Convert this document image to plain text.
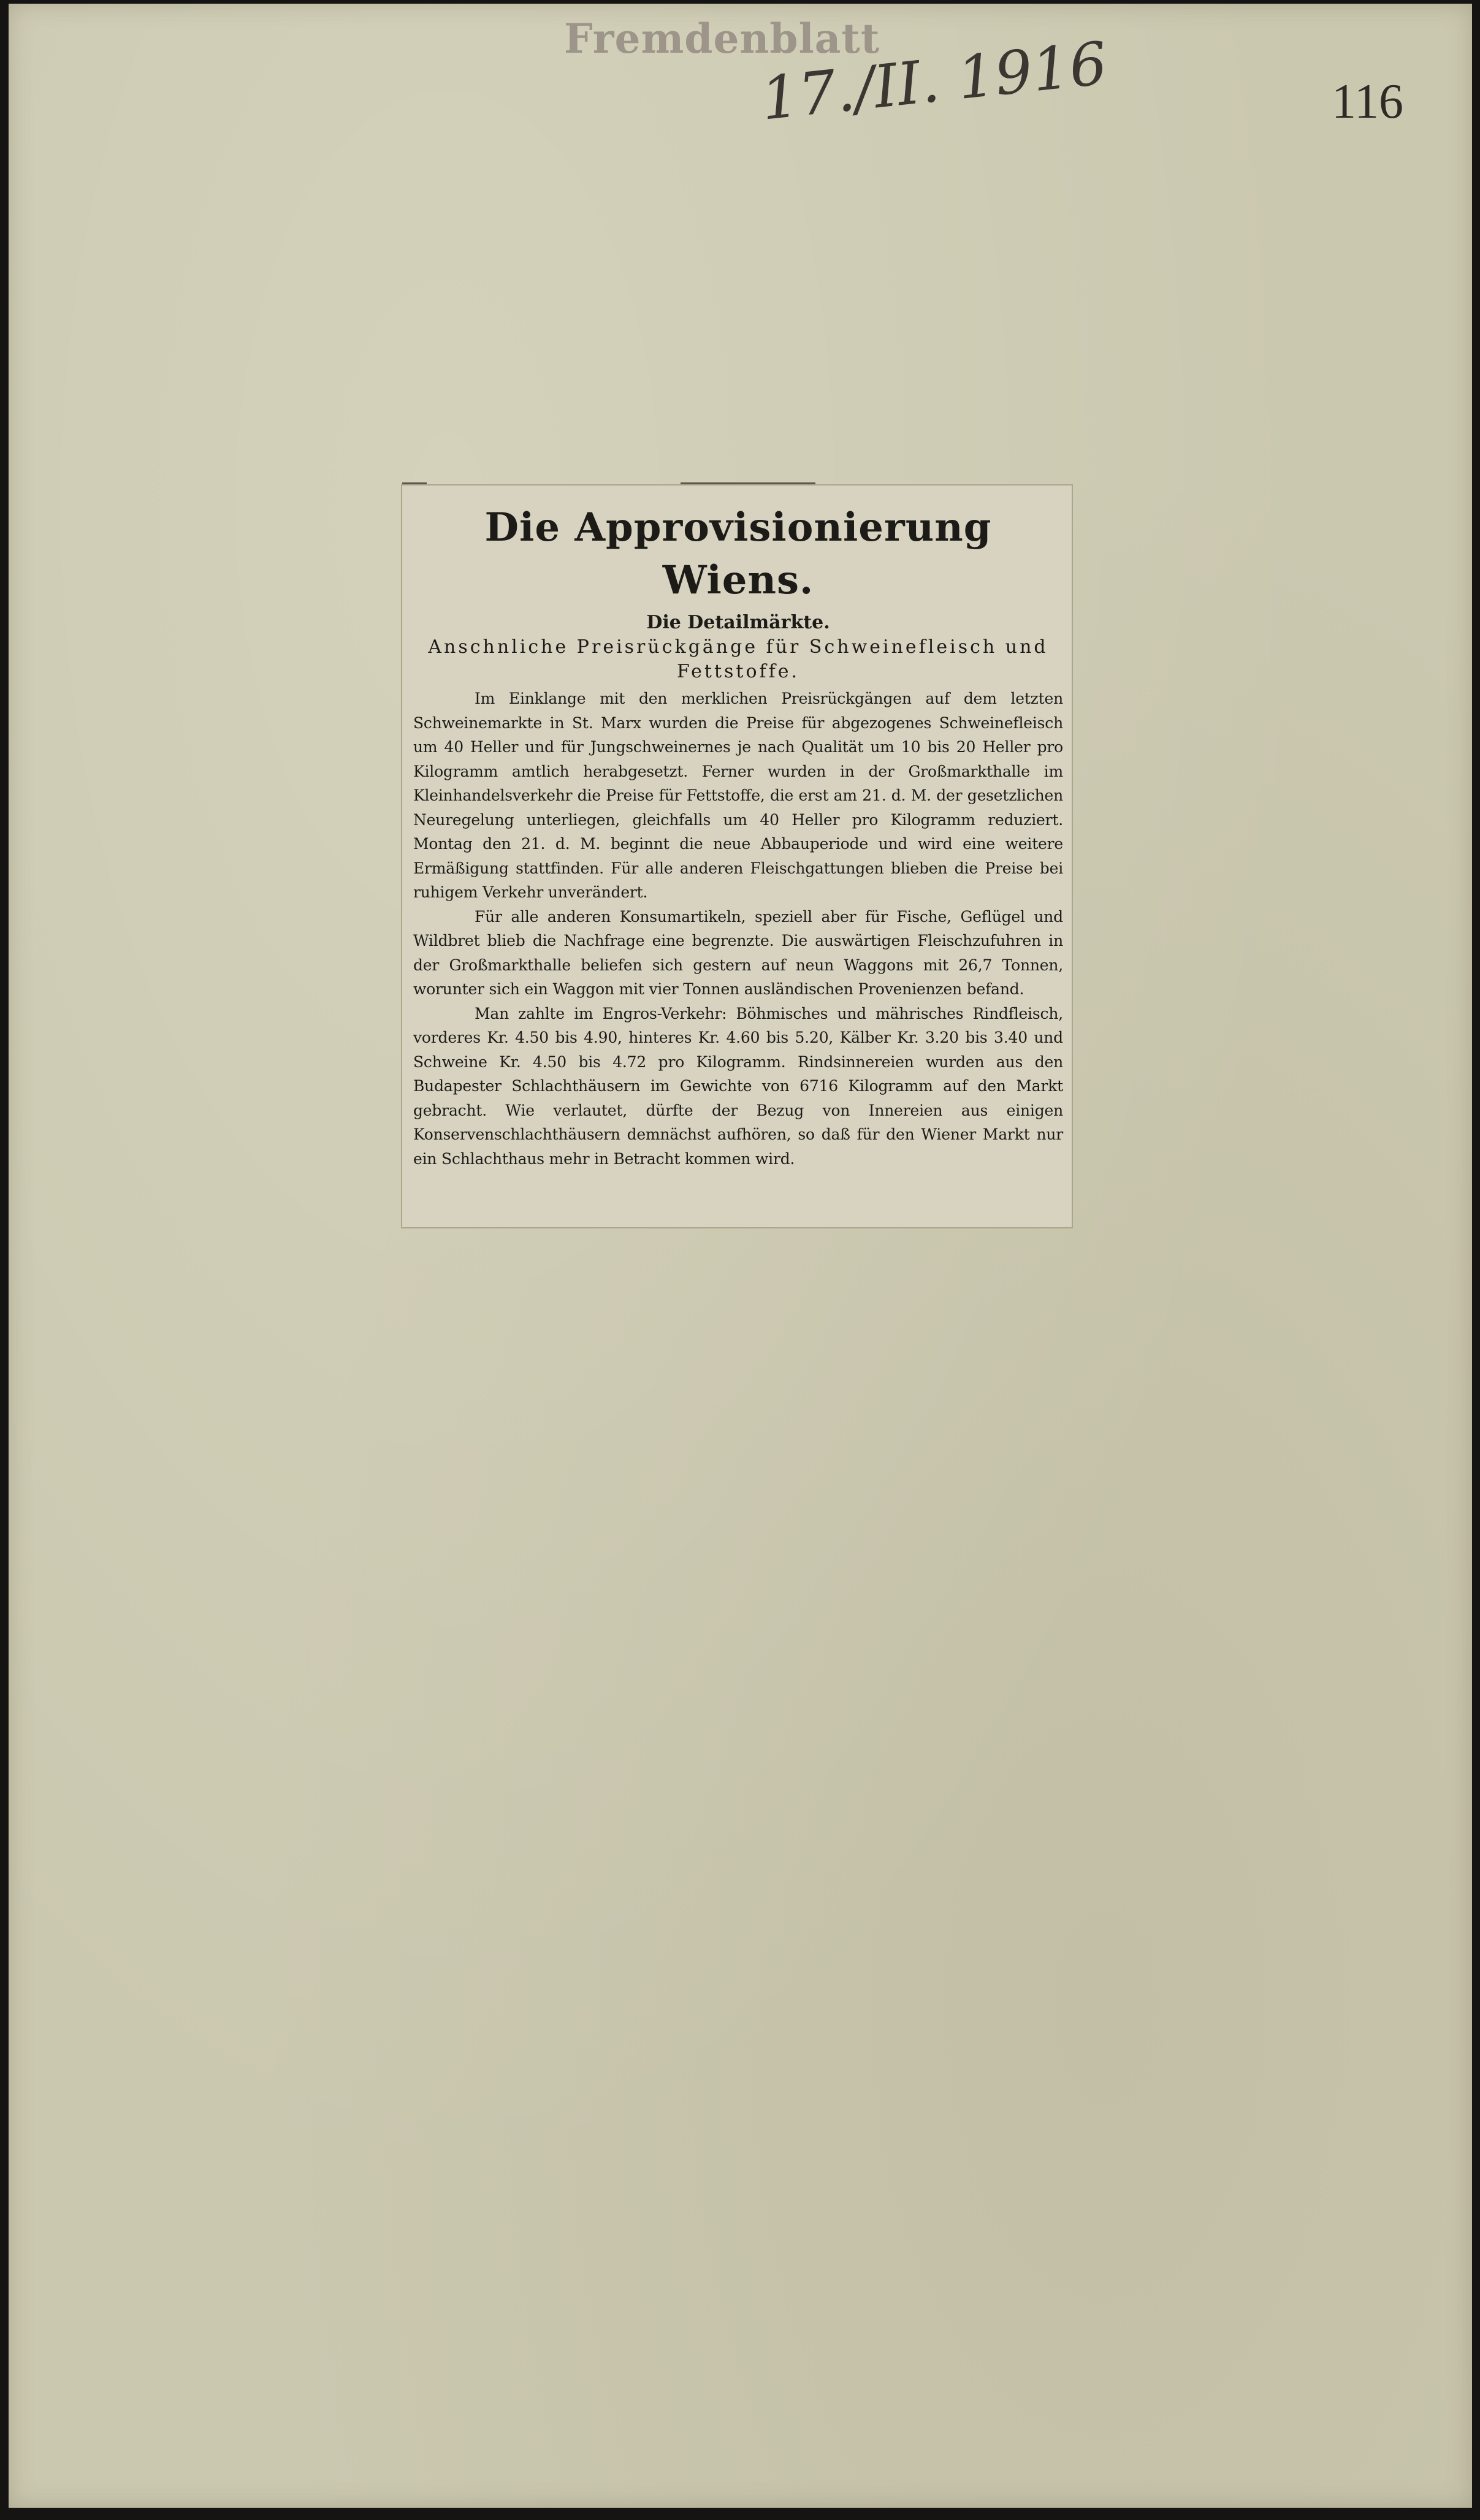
Fremdenblatt
17./II. 1916	116
Die Approvisionierung Wiens.
Die Detailmärkte.
Anschnliche Preisrückgänge für Schweinefleisch und Fettstoffe.

Im Einklange mit den merklichen Preisrückgängen auf dem letzten Schweinemarkte in St. Marx wurden die Preise für abgezogenes Schweinefleisch um 40 Heller und für Jungschweinernes je nach Qualität um 10 bis 20 Heller pro Kilogramm amtlich herabgesetzt. Ferner wurden in der Großmarkthalle im Kleinhandelsverkehr die Preise für Fettstoffe, die erst am 21. d. M. der gesetzlichen Neuregelung unterliegen, gleichfalls um 40 Heller pro Kilogramm reduziert. Montag den 21. d. M. beginnt die neue Abbauperiode und wird eine weitere Ermäßigung stattfinden. Für alle anderen Fleischgattungen blieben die Preise bei ruhigem Verkehr unverändert.

Für alle anderen Konsumartikeln, speziell aber für Fische, Geflügel und Wildbret blieb die Nachfrage eine begrenzte. Die auswärtigen Fleischzufuhren in der Großmarkthalle beliefen sich gestern auf neun Waggons mit 26,7 Tonnen, worunter sich ein Waggon mit vier Tonnen ausländischen Provenienzen befand.

Man zahlte im Engros-Verkehr: Böhmisches und mährisches Rindfleisch, vorderes Kr. 4.50 bis 4.90, hinteres Kr. 4.60 bis 5.20, Kälber Kr. 3.20 bis 3.40 und Schweine Kr. 4.50 bis 4.72 pro Kilogramm. Rindsinnereien wurden aus den Budapester Schlachthäusern im Gewichte von 6716 Kilogramm auf den Markt gebracht. Wie verlautet, dürfte der Bezug von Innereien aus einigen Konservenschlachthäusern demnächst aufhören, so daß für den Wiener Markt nur ein Schlachthaus mehr in Betracht kommen wird.
